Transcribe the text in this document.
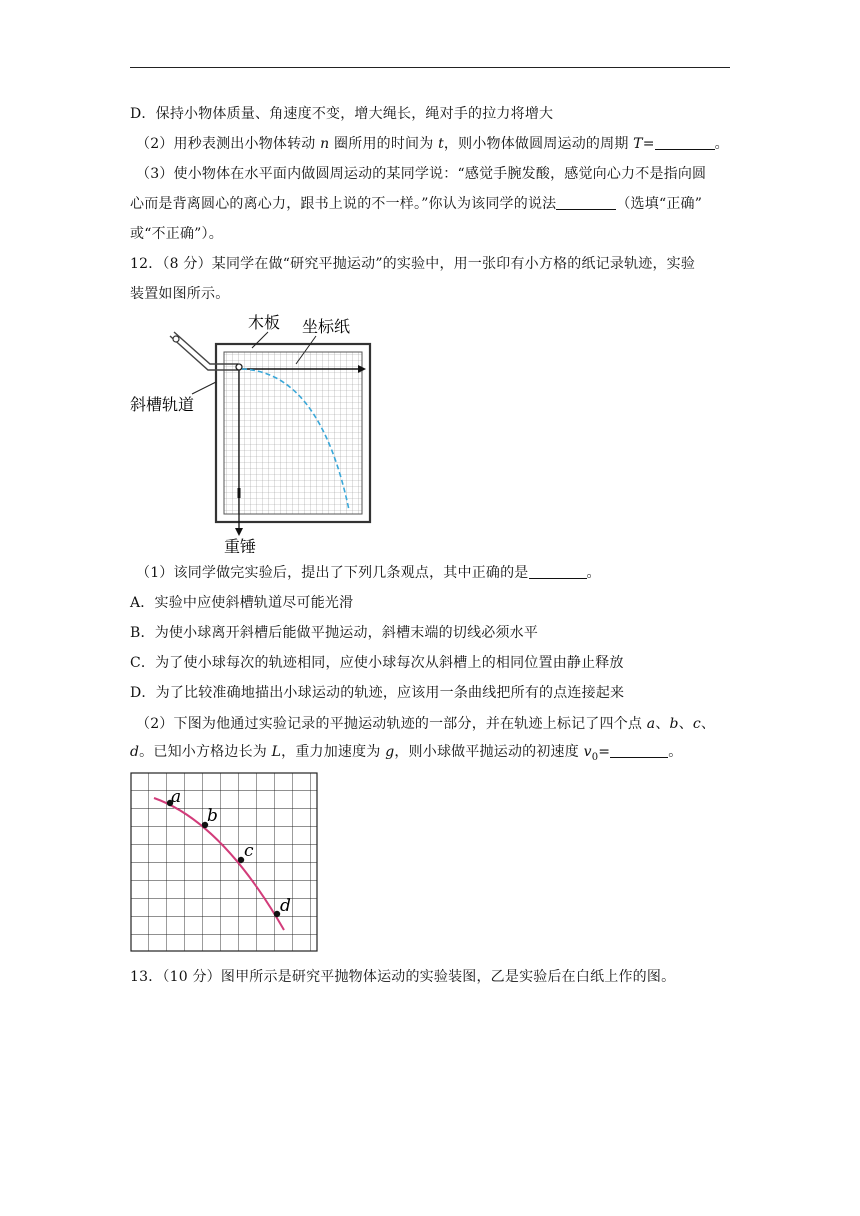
D．保持小物体质量、角速度不变，增大绳长，绳对手的拉力将增大
（2）用秒表测出小物体转动 n 圈所用的时间为 t，则小物体做圆周运动的周期 T=	。
（3）使小物体在水平面内做圆周运动的某同学说：“感觉手腕发酸，感觉向心力不是指向圆
心而是背离圆心的离心力，跟书上说的不一样。”你认为该同学的说法	（选填“正确”
或“不正确”）。
12．（8 分）某同学在做“研究平抛运动”的实验中，用一张印有小方格的纸记录轨迹，实验
装置如图所示。
木板 坐标纸
斜槽轨道
重锤
（1）该同学做完实验后，提出了下列几条观点，其中正确的是	。
A．实验中应使斜槽轨道尽可能光滑
B．为使小球离开斜槽后能做平抛运动，斜槽末端的切线必须水平
C．为了使小球每次的轨迹相同，应使小球每次从斜槽上的相同位置由静止释放
D．为了比较准确地描出小球运动的轨迹，应该用一条曲线把所有的点连接起来
（2）下图为他通过实验记录的平抛运动轨迹的一部分，并在轨迹上标记了四个点 a、b、c、
d。已知小方格边长为 L，重力加速度为 g，则小球做平抛运动的初速度 $v_0=$	。
a
b
c
d
13．（10 分）图甲所示是研究平抛物体运动的实验装图，乙是实验后在白纸上作的图。
